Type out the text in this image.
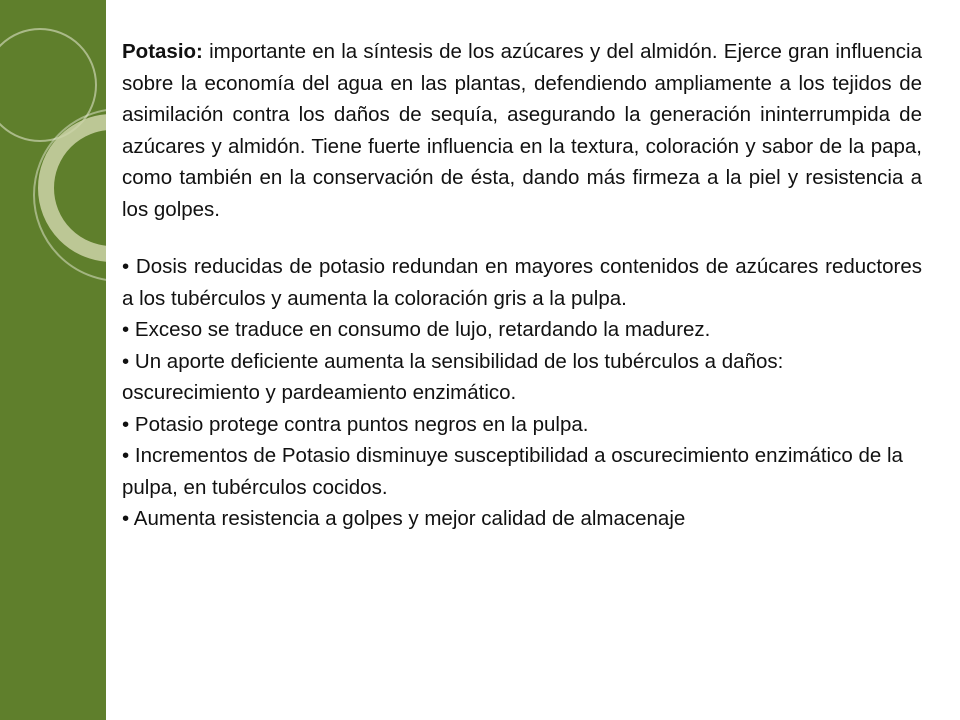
Potasio: importante en la síntesis de los azúcares y del almidón. Ejerce gran influencia sobre la economía del agua en las plantas, defendiendo ampliamente a los tejidos de asimilación contra los daños de sequía, asegurando la generación ininterrumpida de azúcares y almidón. Tiene fuerte influencia en la textura, coloración y sabor de la papa, como también en la conservación de ésta, dando más firmeza a la piel y resistencia a los golpes.

• Dosis reducidas de potasio redundan en mayores contenidos de azúcares reductores a los tubérculos y aumenta la coloración gris a la pulpa.

• Exceso se traduce en consumo de lujo, retardando la madurez.

• Un aporte deficiente aumenta la sensibilidad de los tubérculos a daños: oscurecimiento y pardeamiento enzimático.

• Potasio protege contra puntos negros en la pulpa.

• Incrementos de Potasio disminuye susceptibilidad a oscurecimiento enzimático de la pulpa, en tubérculos cocidos.

• Aumenta resistencia a golpes y mejor calidad de almacenaje
